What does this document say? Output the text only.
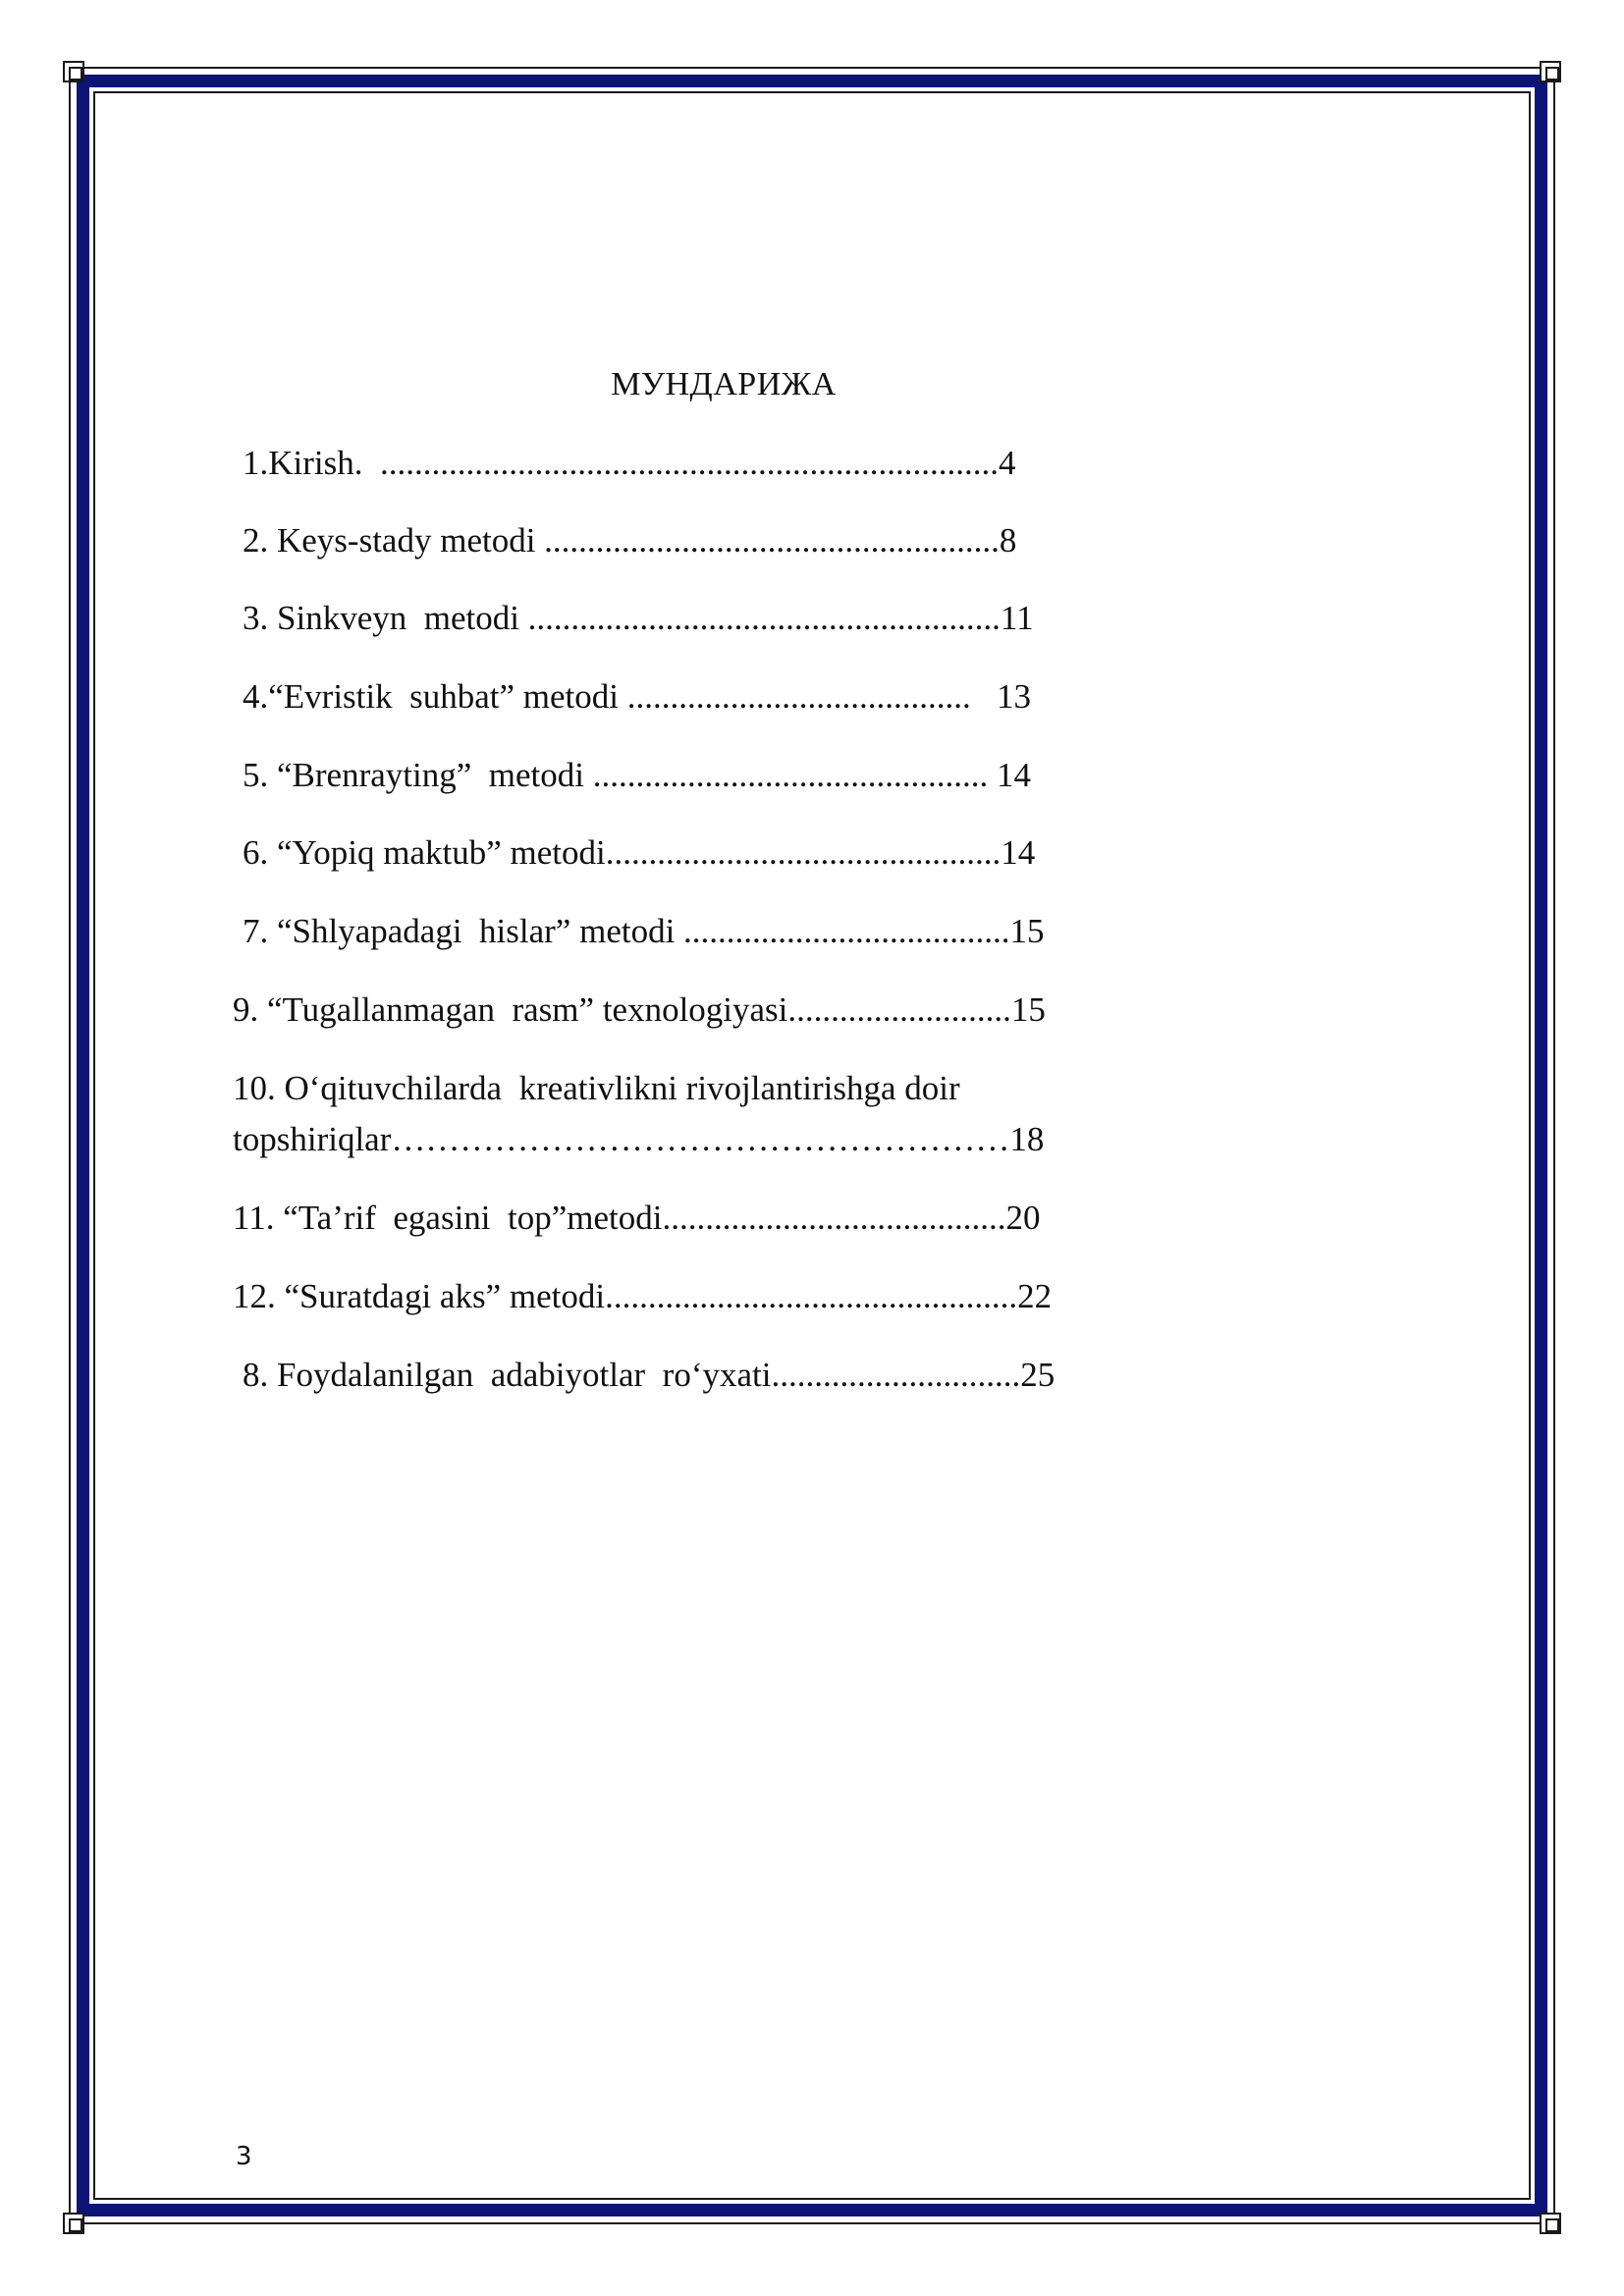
МУНДАРИЖА
1.Kirish.  ........................................................................4
2. Keys-stady metodi .....................................................8
3. Sinkveyn  metodi .......................................................11
4.“Evristik  suhbat” metodi ........................................   13
5. “Brenrayting”  metodi .............................................. 14
6. “Yopiq maktub” metodi..............................................14
7. “Shlyapadagi  hislar” metodi ......................................15
9. “Tugallanmagan  rasm” texnologiyasi..........................15
10. O‘qituvchilarda  kreativlikni rivojlantirishga doir
topshiriqlar………………………………………………18
11. “Ta’rif  egasini  top”metodi........................................20
12. “Suratdagi aks” metodi................................................22
8. Foydalanilgan  adabiyotlar  ro‘yxati.............................25
3
